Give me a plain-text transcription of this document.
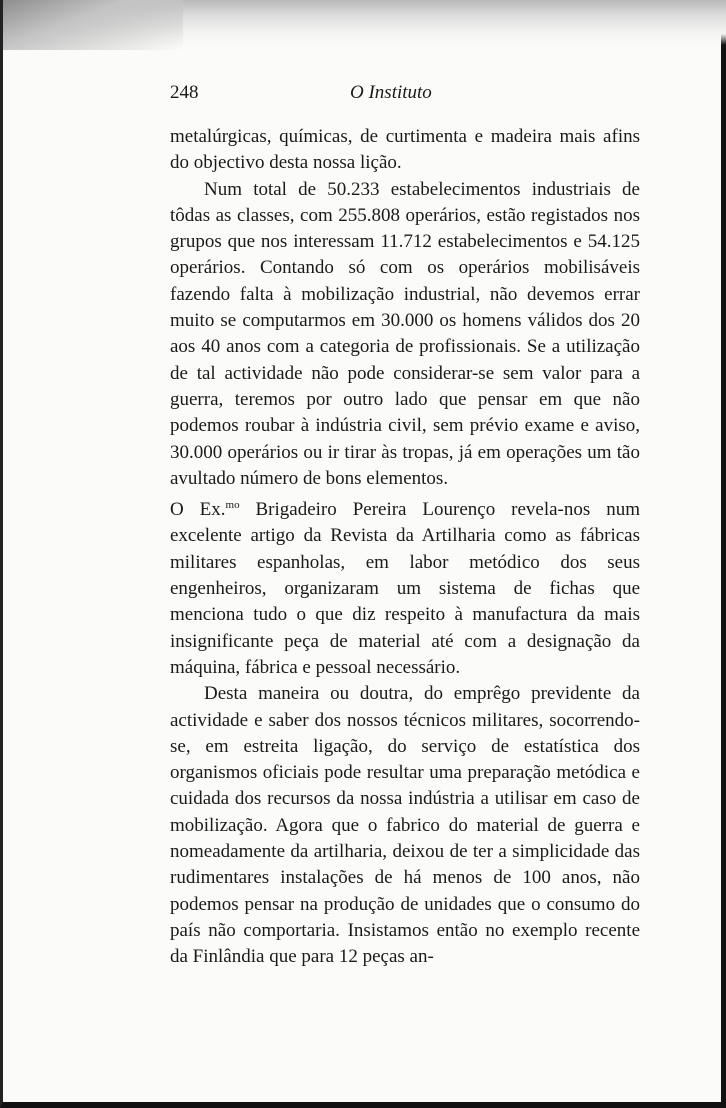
248	O Instituto

metalúrgicas, químicas, de curtimenta e madeira mais afins do objectivo desta nossa lição.

Num total de 50.233 estabelecimentos industriais de tôdas as classes, com 255.808 operários, estão registados nos grupos que nos interessam 11.712 estabelecimentos e 54.125 operários. Contando só com os operários mobilisáveis fazendo falta à mobilização industrial, não devemos errar muito se computarmos em 30.000 os homens válidos dos 20 aos 40 anos com a categoria de profissionais. Se a utilização de tal actividade não pode considerar-se sem valor para a guerra, teremos por outro lado que pensar em que não podemos roubar à indústria civil, sem prévio exame e aviso, 30.000 operários ou ir tirar às tropas, já em operações um tão avultado número de bons elementos.

O Ex.$^{mo}$ Brigadeiro Pereira Lourenço revela-nos num excelente artigo da Revista da Artilharia como as fábricas militares espanholas, em labor metódico dos seus engenheiros, organizaram um sistema de fichas que menciona tudo o que diz respeito à manufactura da mais insignificante peça de material até com a designação da máquina, fábrica e pessoal necessário.

Desta maneira ou doutra, do emprêgo previdente da actividade e saber dos nossos técnicos militares, socorrendo-se, em estreita ligação, do serviço de estatística dos organismos oficiais pode resultar uma preparação metódica e cuidada dos recursos da nossa indústria a utilisar em caso de mobilização. Agora que o fabrico do material de guerra e nomeadamente da artilharia, deixou de ter a simplicidade das rudimentares instalações de há menos de 100 anos, não podemos pensar na produção de unidades que o consumo do país não comportaria. Insistamos então no exemplo recente da Finlândia que para 12 peças an-
